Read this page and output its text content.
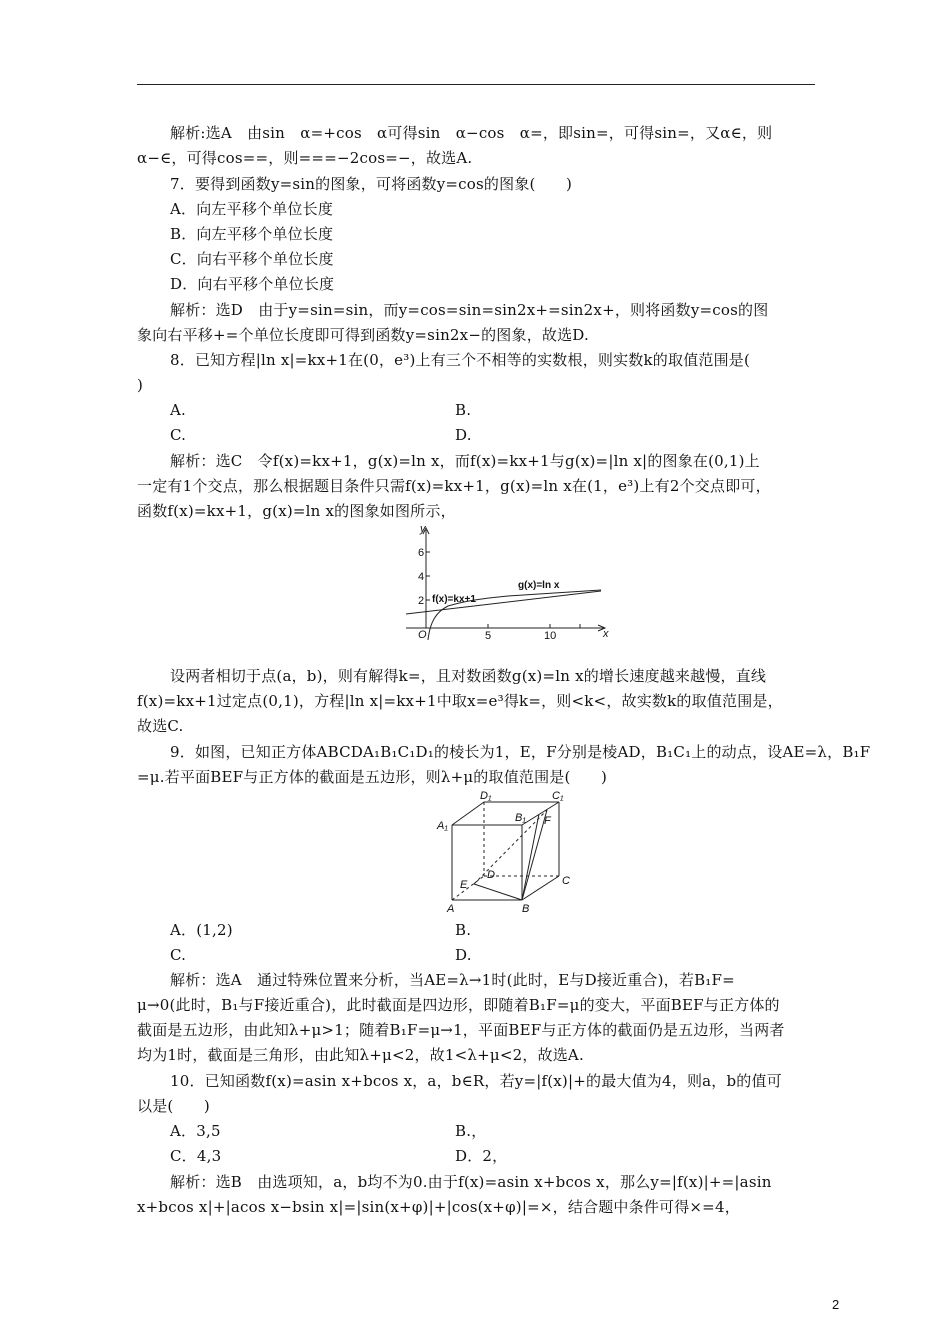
解析:选A　由sin　α=+cos　α可得sin　α−cos　α=，即sin=，可得sin=，又α∈，则
α−∈，可得cos==，则===−2cos=−，故选A.
7．要得到函数y=sin的图象，可将函数y=cos的图象(　　)
A．向左平移个单位长度
B．向左平移个单位长度
C．向右平移个单位长度
D．向右平移个单位长度
解析：选D　由于y=sin=sin，而y=cos=sin=sin2x+=sin2x+，则将函数y=cos的图
象向右平移+=个单位长度即可得到函数y=sin2x−的图象，故选D.
8．已知方程|ln x|=kx+1在(0，e³)上有三个不相等的实数根，则实数k的取值范围是(
)
A.	B.
C.	D.
解析：选C　令f(x)=kx+1，g(x)=ln x，而f(x)=kx+1与g(x)=|ln x|的图象在(0,1)上
一定有1个交点，那么根据题目条件只需f(x)=kx+1，g(x)=ln x在(1，e³)上有2个交点即可，
函数f(x)=kx+1，g(x)=ln x的图象如图所示，
y
x
O
6
4
2
5	10
f(x)=kx+1
g(x)=ln x
设两者相切于点(a，b)，则有解得k=，且对数函数g(x)=ln x的增长速度越来越慢，直线
f(x)=kx+1过定点(0,1)，方程|ln x|=kx+1中取x=e³得k=，则<k<，故实数k的取值范围是，
故选C.
9．如图，已知正方体ABCDA₁B₁C₁D₁的棱长为1，E，F分别是棱AD，B₁C₁上的动点，设AE=λ，B₁F
=μ.若平面BEF与正方体的截面是五边形，则λ+μ的取值范围是(　　)
D₁	C₁
A₁
B₁ F
D	C
E
A	B
A．(1,2)	B.
C.	D.
解析：选A　通过特殊位置来分析，当AE=λ→1时(此时，E与D接近重合)，若B₁F=
μ→0(此时，B₁与F接近重合)，此时截面是四边形，即随着B₁F=μ的变大，平面BEF与正方体的
截面是五边形，由此知λ+μ>1；随着B₁F=μ→1，平面BEF与正方体的截面仍是五边形，当两者
均为1时，截面是三角形，由此知λ+μ<2，故1<λ+μ<2，故选A.
10．已知函数f(x)=asin x+bcos x，a，b∈R，若y=|f(x)|+的最大值为4，则a，b的值可
以是(　　)
A．3,5	B.，
C．4,3	D．2，
解析：选B　由选项知，a，b均不为0.由于f(x)=asin x+bcos x，那么y=|f(x)|+=|asin
x+bcos x|+|acos x−bsin x|=|sin(x+φ)|+|cos(x+φ)|=×，结合题中条件可得×=4，
2
